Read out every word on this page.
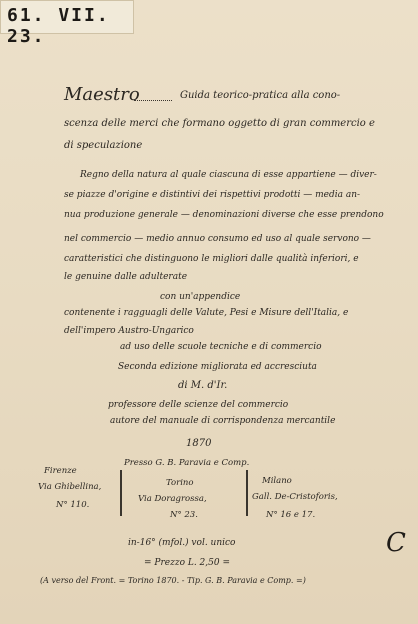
61. VII. 23.
Maestro	Guida teorico-pratica alla cono-
scenza delle merci che formano oggetto di gran commercio e
di speculazione
Regno della natura al quale ciascuna di esse appartiene — diver-
se piazze d'origine e distintivi dei rispettivi prodotti — media an-
nua produzione generale — denominazioni diverse che esse prendono
nel commercio — medio annuo consumo ed uso al quale servono —
caratteristici che distinguono le migliori dalle qualità inferiori, e
le genuine dalle adulterate
con un'appendice
contenente i ragguagli delle Valute, Pesi e Misure dell'Italia, e
dell'impero Austro-Ungarico
ad uso delle scuole tecniche e di commercio
Seconda edizione migliorata ed accresciuta
di M. d'Ir.
professore delle scienze del commercio
autore del manuale di corrispondenza mercantile
1870
Firenze
Via Ghibellina,
N° 110.
Presso G. B. Paravia e Comp.
Torino
Via Doragrossa,
N° 23.
Milano
Gall. De-Cristoforis,
N° 16 e 17.
in-16° (mfol.) vol. unico
= Prezzo L. 2,50 =
(A verso del Front. = Torino 1870. - Tip. G. B. Paravia e Comp. =)
C
